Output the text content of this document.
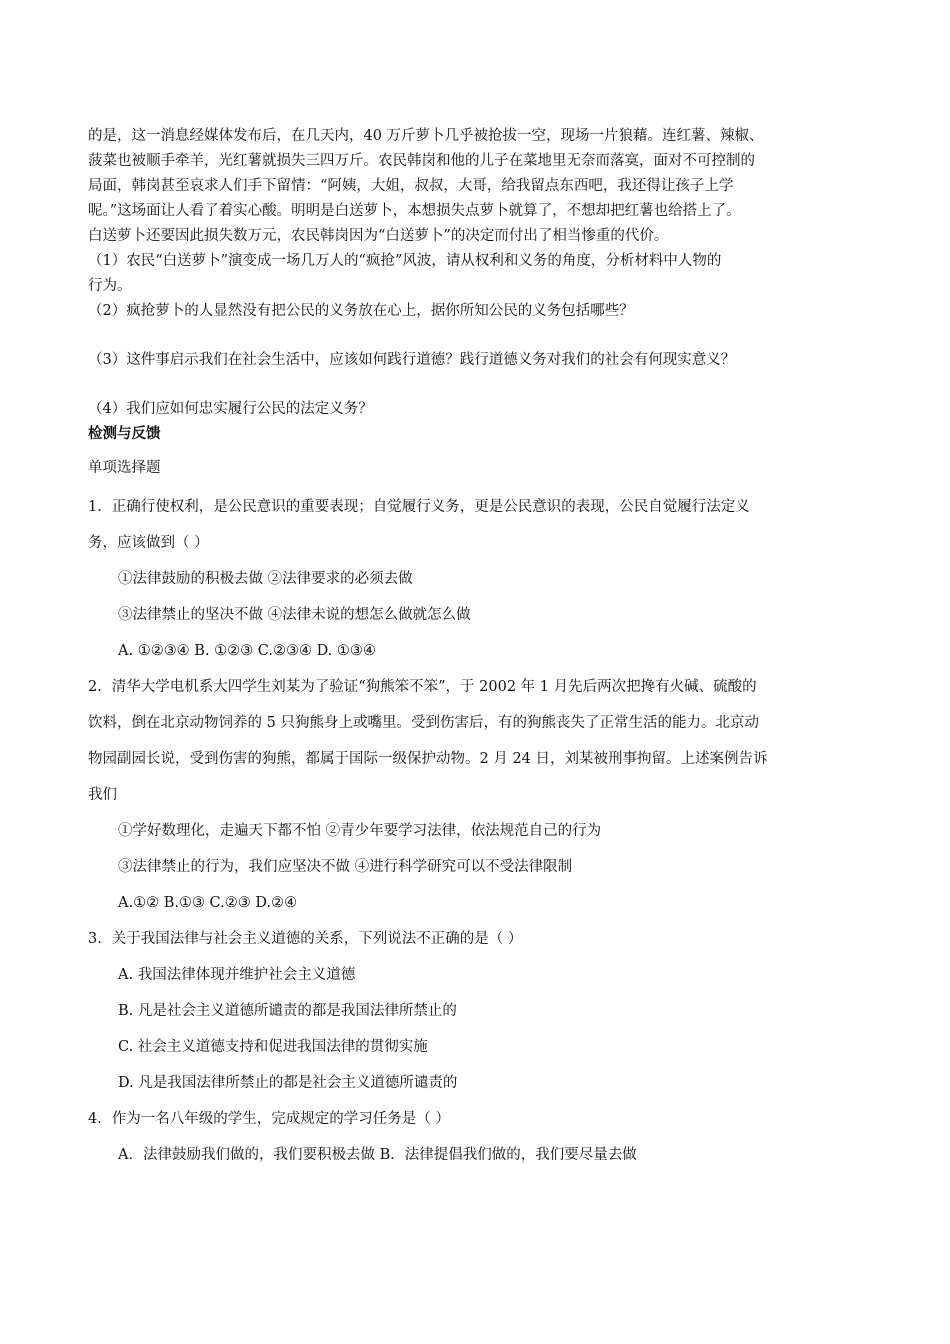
的是，这一消息经媒体发布后，在几天内，40 万斤萝卜几乎被抢拔一空，现场一片狼藉。连红薯、辣椒、

菠菜也被顺手牵羊，光红薯就损失三四万斤。农民韩岗和他的儿子在菜地里无奈而落寞，面对不可控制的

局面，韩岗甚至哀求人们手下留情：“阿姨，大姐，叔叔，大哥，给我留点东西吧，我还得让孩子上学

呢。”这场面让人看了着实心酸。明明是白送萝卜，本想损失点萝卜就算了，不想却把红薯也给搭上了。

白送萝卜还要因此损失数万元，农民韩岗因为“白送萝卜”的决定而付出了相当惨重的代价。

（1）农民“白送萝卜”演变成一场几万人的“疯抢”风波，请从权利和义务的角度，分析材料中人物的

行为。

（2）疯抢萝卜的人显然没有把公民的义务放在心上，据你所知公民的义务包括哪些？

（3）这件事启示我们在社会生活中，应该如何践行道德？践行道德义务对我们的社会有何现实意义？

（4）我们应如何忠实履行公民的法定义务？

检测与反馈

单项选择题

1．正确行使权利，是公民意识的重要表现；自觉履行义务，更是公民意识的表现，公民自觉履行法定义

务，应该做到（ ）

①法律鼓励的积极去做 ②法律要求的必须去做

③法律禁止的坚决不做 ④法律未说的想怎么做就怎么做

A. ①②③④ B. ①②③ C.②③④ D. ①③④

2．清华大学电机系大四学生刘某为了验证“狗熊笨不笨”，于 2002 年 1 月先后两次把搀有火碱、硫酸的

饮料，倒在北京动物饲养的 5 只狗熊身上或嘴里。受到伤害后，有的狗熊丧失了正常生活的能力。北京动

物园副园长说，受到伤害的狗熊，都属于国际一级保护动物。2 月 24 日，刘某被刑事拘留。上述案例告诉

我们

①学好数理化，走遍天下都不怕 ②青少年要学习法律，依法规范自己的行为

③法律禁止的行为，我们应坚决不做 ④进行科学研究可以不受法律限制

A.①② B.①③ C.②③ D.②④

3．关于我国法律与社会主义道德的关系，下列说法不正确的是（ ）

A. 我国法律体现并维护社会主义道德

B. 凡是社会主义道德所谴责的都是我国法律所禁止的

C. 社会主义道德支持和促进我国法律的贯彻实施

D. 凡是我国法律所禁止的都是社会主义道德所谴责的

4．作为一名八年级的学生，完成规定的学习任务是（ ）

A．法律鼓励我们做的，我们要积极去做 B．法律提倡我们做的，我们要尽量去做
